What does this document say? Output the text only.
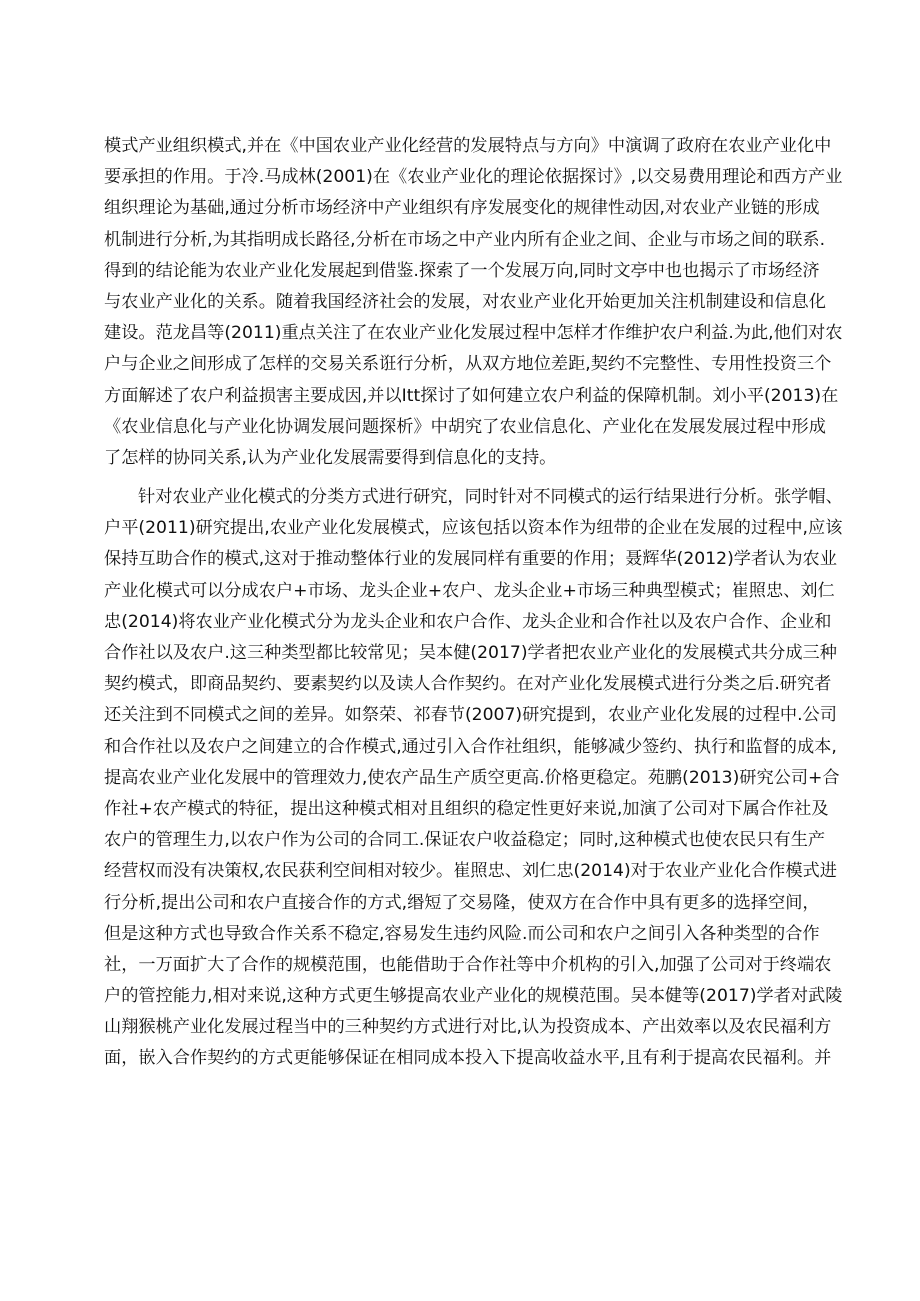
模式产业组织模式,并在《中国农业产业化经营的发展特点与方向》中演调了政府在农业产业化中
要承担的作用。于冷.马成林(2001)在《农业产业化的理论依据探讨》,以交易费用理论和西方产业
组织理论为基础,通过分析市场经济中产业组织有序发展变化的规律性动因,对农业产业链的形成
机制进行分析,为其指明成长路径,分析在市场之中产业内所有企业之间、企业与市场之间的联系.
得到的结论能为农业产业化发展起到借鉴.探索了一个发展万向,同时文亭中也也揭示了市场经济
与农业产业化的关系。随着我国经济社会的发展，对农业产业化开始更加关注机制建设和信息化
建设。范龙昌等(2011)重点关注了在农业产业化发展过程中怎样才作维护农户利益.为此,他们对农
户与企业之间形成了怎样的交易关系诳行分析，从双方地位差距,契约不完整性、专用性投资三个
方面解述了农户利益损害主要成因,并以Itt探讨了如何建立农户利益的保障机制。刘小平(2013)在
《农业信息化与产业化协调发展问题探析》中胡究了农业信息化、产业化在发展发展过程中形成
了怎样的协同关系,认为产业化发展需要得到信息化的支持。
针对农业产业化模式的分类方式进行研究，同时针对不同模式的运行结果进行分析。张学帽、
户平(2011)研究提出,农业产业化发展模式，应该包括以资本作为纽带的企业在发展的过程中,应该
保持互助合作的模式,这对于推动整体行业的发展同样有重要的作用；聂辉华(2012)学者认为农业
产业化模式可以分成农户+市场、龙头企业+农户、龙头企业+市场三种典型模式；崔照忠、刘仁
忠(2014)将农业产业化模式分为龙头企业和农户合作、龙头企业和合作社以及农户合作、企业和
合作社以及农户.这三种类型都比较常见；吴本健(2017)学者把农业产业化的发展模式共分成三种
契约模式，即商品契约、要素契约以及读人合作契约。在对产业化发展模式进行分类之后.研究者
还关注到不同模式之间的差异。如祭荣、祁春节(2007)研究提到，农业产业化发展的过程中.公司
和合作社以及农户之间建立的合作模式,通过引入合作社组织，能够减少签约、执行和监督的成本,
提高农业产业化发展中的管理效力,使农产品生产质空更高.价格更稳定。苑鹏(2013)研究公司+合
作社+农产模式的特征，提出这种模式相对且组织的稳定性更好来说,加演了公司对下属合作社及
农户的管理生力,以农户作为公司的合同工.保证农户收益稳定；同时,这种模式也使农民只有生产
经营权而没有决策权,农民获利空间相对较少。崔照忠、刘仁忠(2014)对于农业产业化合作模式进
行分析,提出公司和农户直接合作的方式,缗短了交易隆，使双方在合作中具有更多的选择空间，
但是这种方式也导致合作关系不稳定,容易发生违约风险.而公司和农户之间引入各种类型的合作
社，一万面扩大了合作的规模范围，也能借助于合作社等中介机构的引入,加强了公司对于终端农
户的管控能力,相对来说,这种方式更生够提高农业产业化的规模范围。吴本健等(2017)学者对武陵
山翔猴桃产业化发展过程当中的三种契约方式进行对比,认为投资成本、产出效率以及农民福利方
面，嵌入合作契约的方式更能够保证在相同成本投入下提高收益水平,且有利于提高农民福利。并
